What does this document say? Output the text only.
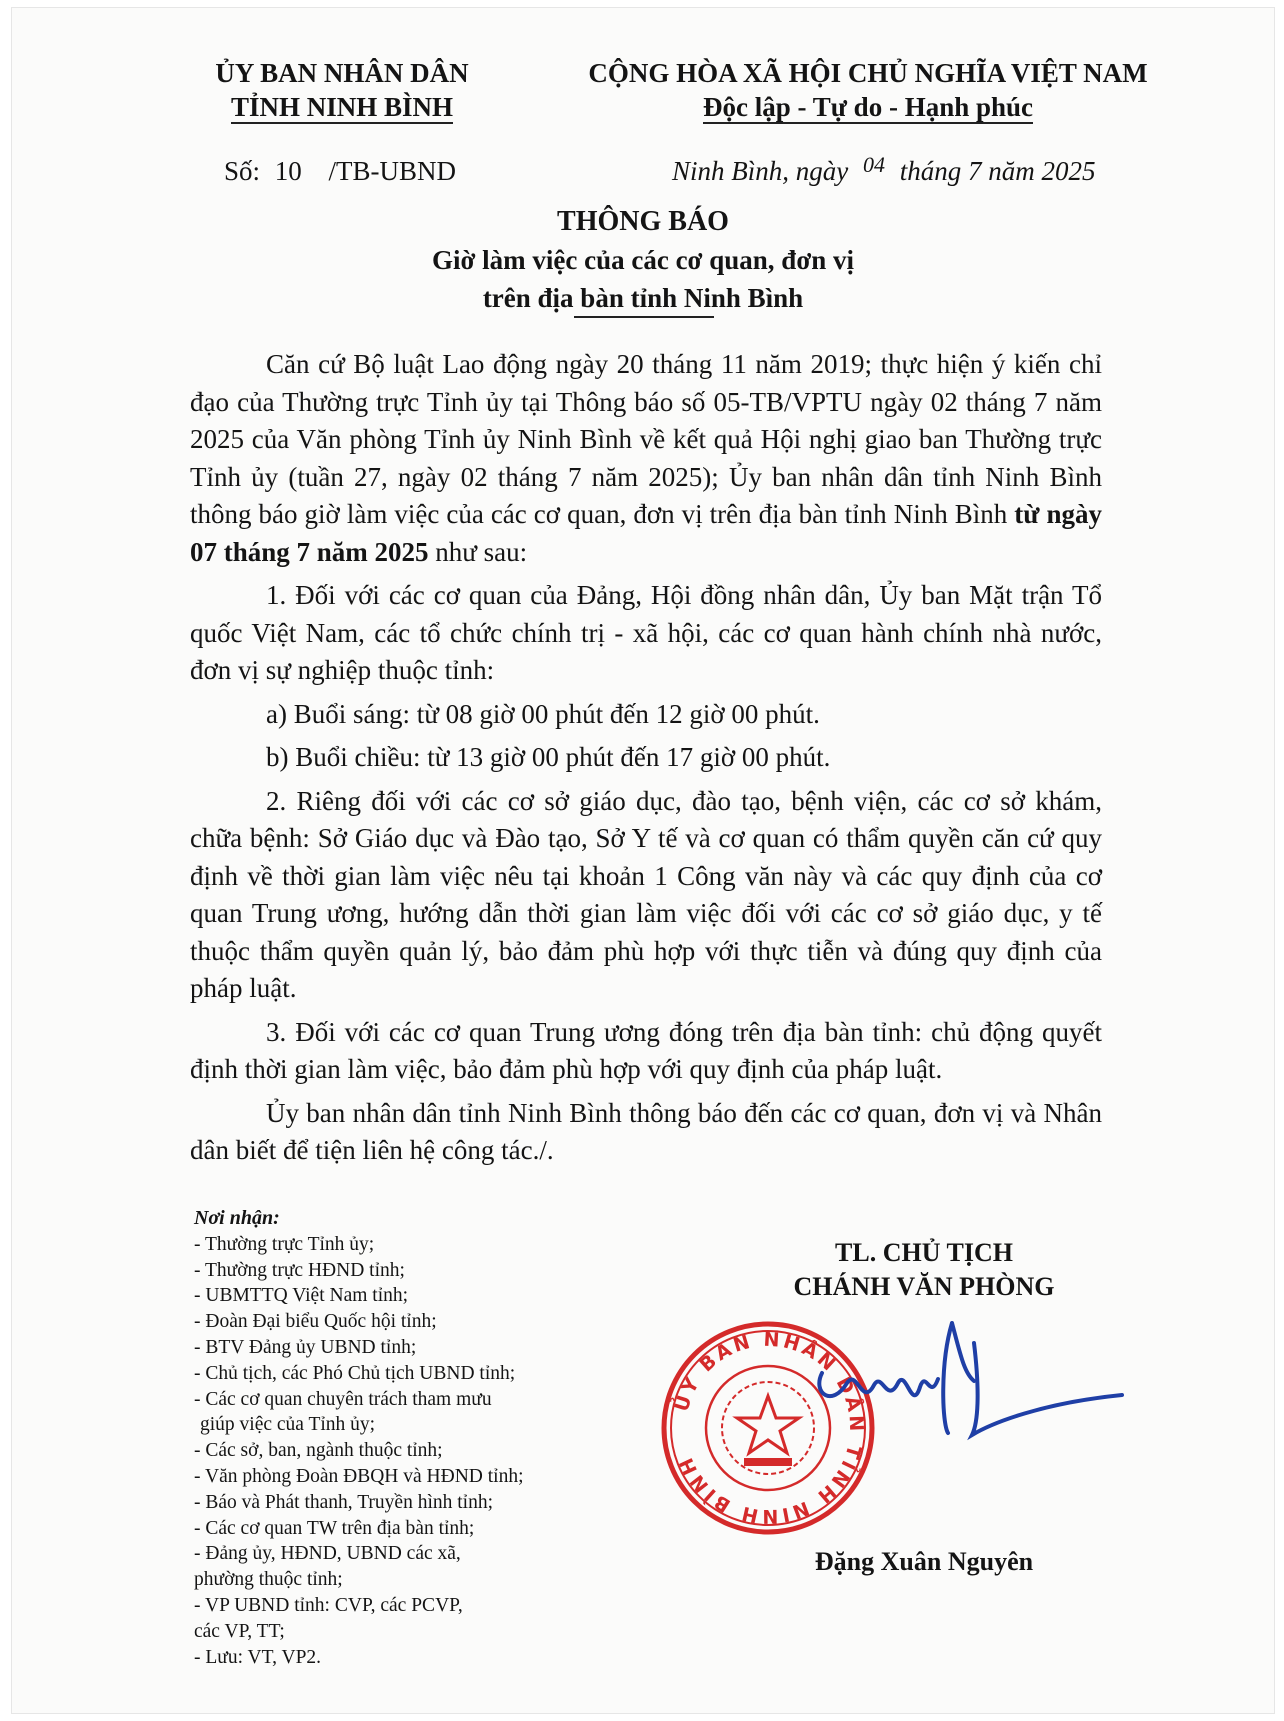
ỦY BAN NHÂN DÂN
TỈNH NINH BÌNH
CỘNG HÒA XÃ HỘI CHỦ NGHĨA VIỆT NAM
Độc lập - Tự do - Hạnh phúc
Số: 10 /TB-UBND	Ninh Bình, ngày $^{04}$ tháng 7 năm 2025
THÔNG BÁO
Giờ làm việc của các cơ quan, đơn vị
trên địa bàn tỉnh Ninh Bình

Căn cứ Bộ luật Lao động ngày 20 tháng 11 năm 2019; thực hiện ý kiến chỉ đạo của Thường trực Tỉnh ủy tại Thông báo số 05-TB/VPTU ngày 02 tháng 7 năm 2025 của Văn phòng Tỉnh ủy Ninh Bình về kết quả Hội nghị giao ban Thường trực Tỉnh ủy (tuần 27, ngày 02 tháng 7 năm 2025); Ủy ban nhân dân tỉnh Ninh Bình thông báo giờ làm việc của các cơ quan, đơn vị trên địa bàn tỉnh Ninh Bình từ ngày 07 tháng 7 năm 2025 như sau:

1. Đối với các cơ quan của Đảng, Hội đồng nhân dân, Ủy ban Mặt trận Tổ quốc Việt Nam, các tổ chức chính trị - xã hội, các cơ quan hành chính nhà nước, đơn vị sự nghiệp thuộc tỉnh:

a) Buổi sáng: từ 08 giờ 00 phút đến 12 giờ 00 phút.

b) Buổi chiều: từ 13 giờ 00 phút đến 17 giờ 00 phút.

2. Riêng đối với các cơ sở giáo dục, đào tạo, bệnh viện, các cơ sở khám, chữa bệnh: Sở Giáo dục và Đào tạo, Sở Y tế và cơ quan có thẩm quyền căn cứ quy định về thời gian làm việc nêu tại khoản 1 Công văn này và các quy định của cơ quan Trung ương, hướng dẫn thời gian làm việc đối với các cơ sở giáo dục, y tế thuộc thẩm quyền quản lý, bảo đảm phù hợp với thực tiễn và đúng quy định của pháp luật.

3. Đối với các cơ quan Trung ương đóng trên địa bàn tỉnh: chủ động quyết định thời gian làm việc, bảo đảm phù hợp với quy định của pháp luật.

Ủy ban nhân dân tỉnh Ninh Bình thông báo đến các cơ quan, đơn vị và Nhân dân biết để tiện liên hệ công tác./.

Nơi nhận:
- Thường trực Tỉnh ủy;
- Thường trực HĐND tỉnh;
- UBMTTQ Việt Nam tỉnh;
- Đoàn Đại biểu Quốc hội tỉnh;
- BTV Đảng ủy UBND tỉnh;
- Chủ tịch, các Phó Chủ tịch UBND tỉnh;
- Các cơ quan chuyên trách tham mưu
giúp việc của Tỉnh ủy;
- Các sở, ban, ngành thuộc tỉnh;
- Văn phòng Đoàn ĐBQH và HĐND tỉnh;
- Báo và Phát thanh, Truyền hình tỉnh;
- Các cơ quan TW trên địa bàn tỉnh;
- Đảng ủy, HĐND, UBND các xã,
phường thuộc tỉnh;
- VP UBND tỉnh: CVP, các PCVP,
các VP, TT;
- Lưu: VT, VP2.
TL. CHỦ TỊCH
CHÁNH VĂN PHÒNG
ỦY BAN NHÂN DÂN TỈNH NINH BÌNH
Đặng Xuân Nguyên
